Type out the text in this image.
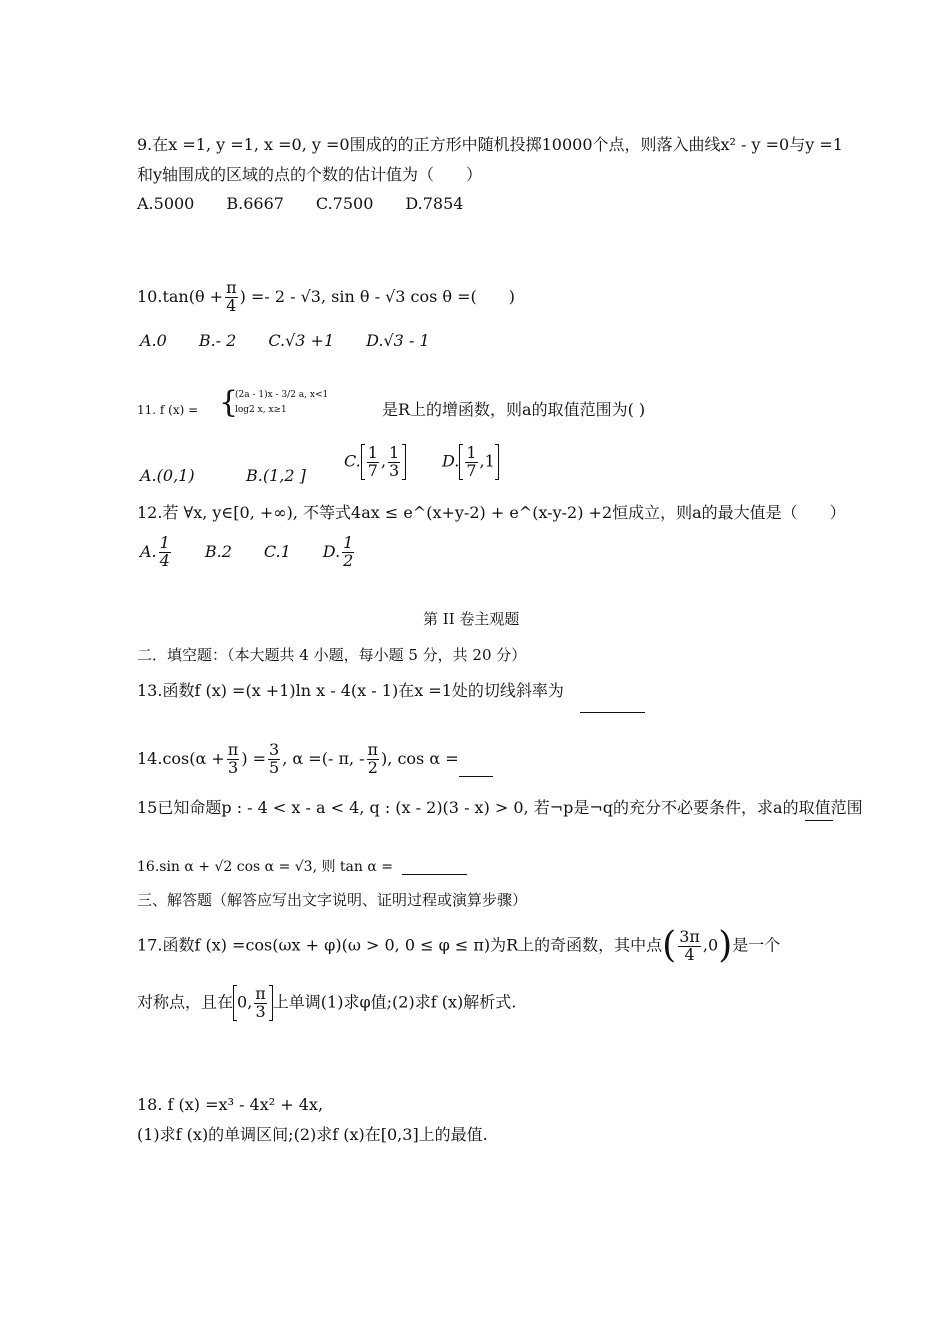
9.在x =1, y =1, x =0, y =0围成的的正方形中随机投掷10000个点，则落入曲线x² - y =0与y =1
和y轴围成的区域的点的个数的估计值为（　　）
A.5000　　B.6667　　C.7500　　D.7854
$10.\tan(\theta + \frac{\pi}{4}$ ) =- 2 - √3, sin θ - √3 cos θ =(　　)
A.0　　B.- 2　　C.√3 +1　　D.√3 - 1
11. f (x) = {
(2a - 1)x - 3/2 a, x<1
log2 x, x≥1	是R上的增函数，则a的取值范围为( )
A.(0,1)	B.(1,2 ]
C. $\frac{1}{7}$ , $\frac{1}{3}$	D. $\frac{1}{7} ,1$
12.若 ∀x, y∈[0, +∞), 不等式4ax ≤ e^(x+y-2) + e^(x-y-2) +2恒成立，则a的最大值是（　　）
A. $\frac{1}{4}$
　　 B.2　　C.1　　D. $\frac{1}{2}$
第 II 卷主观题
二．填空题：（本大题共 4 小题，每小题 5 分，共 20 分）
13.函数f (x) =(x +1)ln x - 4(x - 1)在x =1处的切线斜率为
$14.\cos(\alpha + \frac{\pi}{3}$ ) = $\frac{3}{5}$ , α =(- π, - $\frac{\pi}{2}$ ), cos α =
15已知命题p : - 4 < x - a < 4, q : (x - 2)(3 - x) > 0, 若¬p是¬q的充分不必要条件，求a的取值范围
16.sin α + √2 cos α = √3, 则 tan α =
三、解答题（解答应写出文字说明、证明过程或演算步骤）
17.函数f (x) =cos(ωx + φ)(ω > 0, 0 ≤ φ ≤ π)为R上的奇函数，其中点( $\frac{3\pi}{4} ,0$)是一个
对称点，且在 0, $\frac{\pi}{3}$ 上单调(1)求φ值;(2)求f (x)解析式.
18. f (x) =x³ - 4x² + 4x,
(1)求f (x)的单调区间;(2)求f (x)在[0,3]上的最值.
